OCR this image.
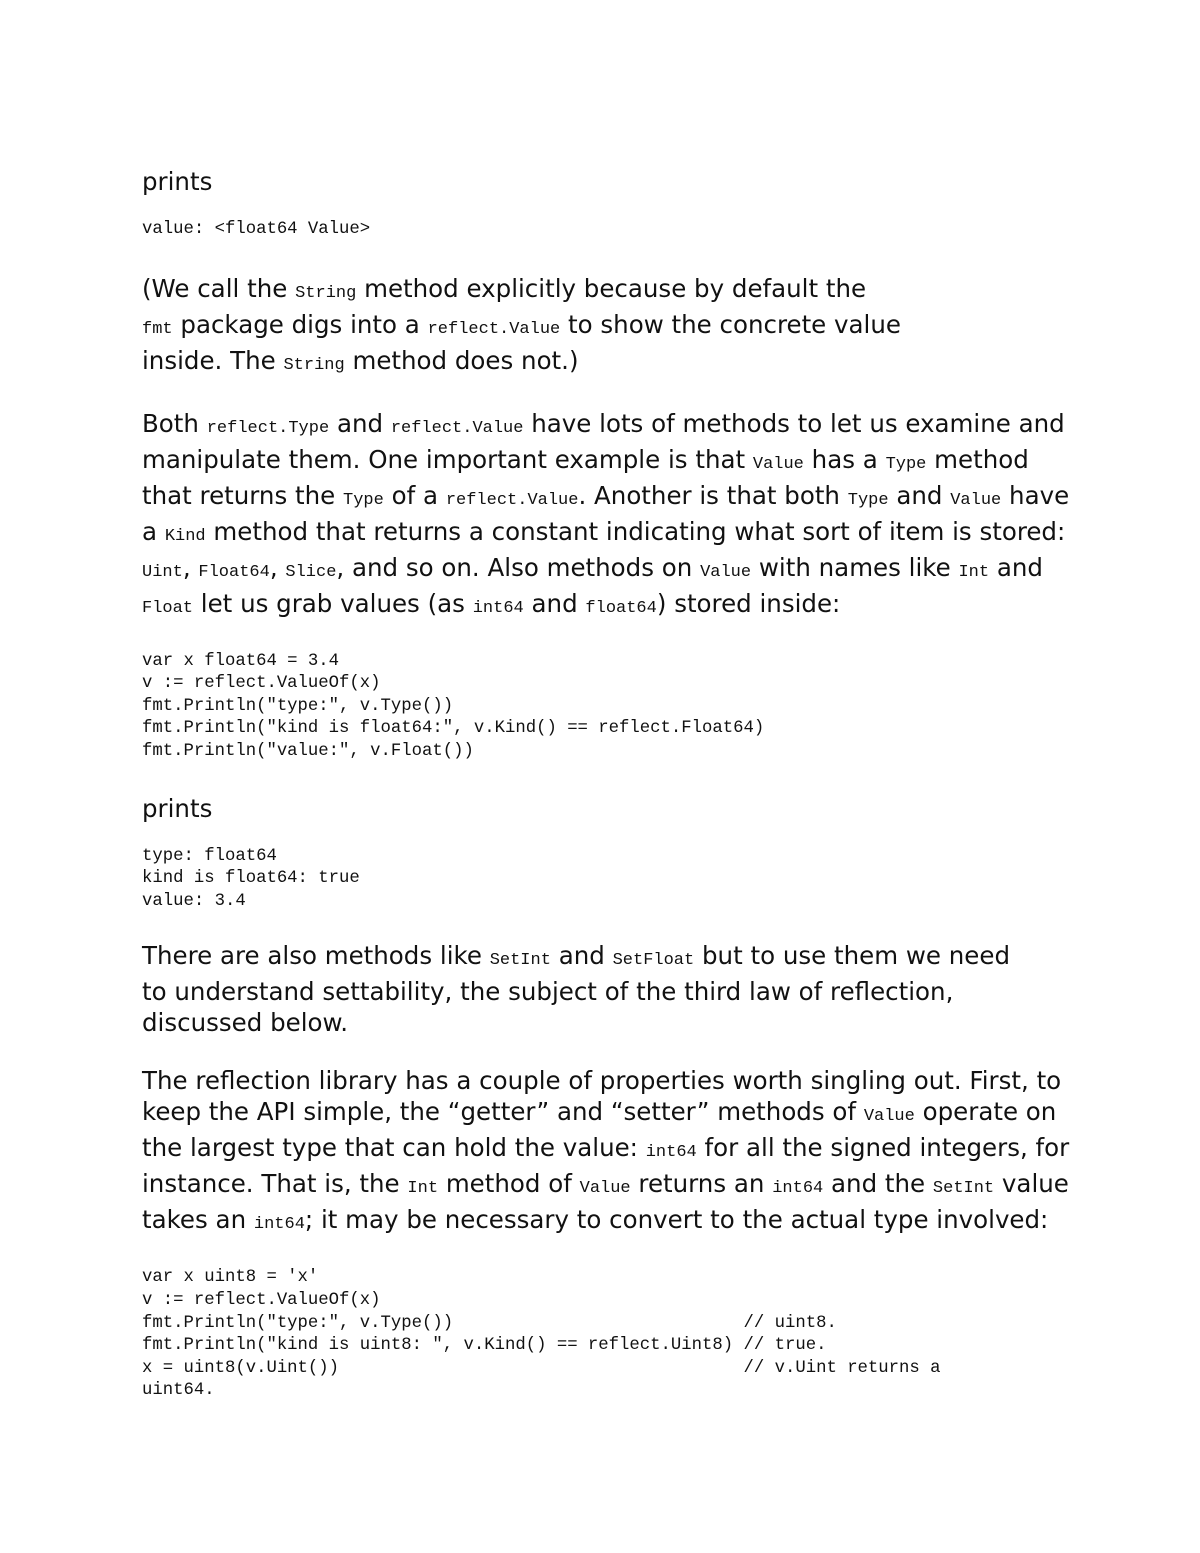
prints

value: <float64 Value>

(We call the String method explicitly because by default the fmt package digs into a reflect.Value to show the concrete value inside. The String method does not.)

Both reflect.Type and reflect.Value have lots of methods to let us examine and manipulate them. One important example is that Value has a Type method that returns the Type of a reflect.Value. Another is that both Type and Value have a Kind method that returns a constant indicating what sort of item is stored: Uint, Float64, Slice, and so on. Also methods on Value with names like Int and Float let us grab values (as int64 and float64) stored inside:

var x float64 = 3.4
v := reflect.ValueOf(x)
fmt.Println("type:", v.Type())
fmt.Println("kind is float64:", v.Kind() == reflect.Float64)
fmt.Println("value:", v.Float())

prints

type: float64
kind is float64: true
value: 3.4

There are also methods like SetInt and SetFloat but to use them we need to understand settability, the subject of the third law of reflection, discussed below.

The reflection library has a couple of properties worth singling out. First, to keep the API simple, the “getter” and “setter” methods of Value operate on the largest type that can hold the value: int64 for all the signed integers, for instance. That is, the Int method of Value returns an int64 and the SetInt value takes an int64; it may be necessary to convert to the actual type involved:

var x uint8 = 'x'
v := reflect.ValueOf(x)
fmt.Println("type:", v.Type())                            // uint8.
fmt.Println("kind is uint8: ", v.Kind() == reflect.Uint8) // true.
x = uint8(v.Uint())                                       // v.Uint returns a
uint64.
